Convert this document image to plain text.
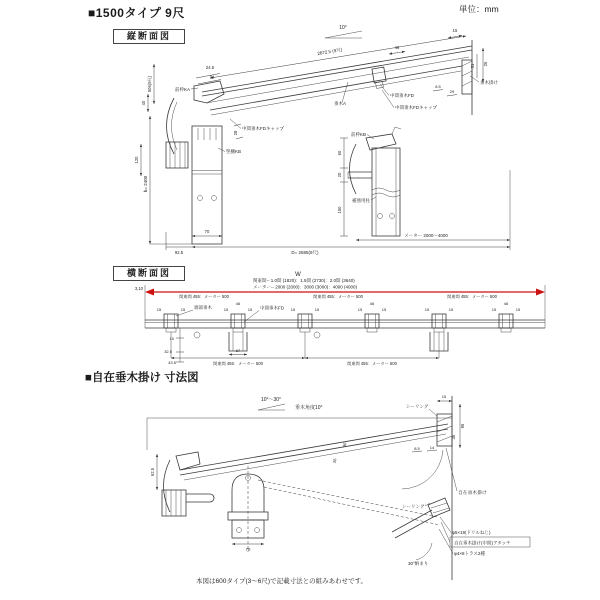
■1500タイプ 9尺	単位：mm
縦断面図
10°
2672.5 (9尺)
24.5
34
前枠KA
竪樋KB
28
中間垂木FDキャップ
506(9尺)
40
120
h= 2400
46
15
中間垂木FD
中間垂木FDキャップ
垂木A
26
31
8.5
29
垂木掛け
前枠KB
60
20
150
補強用柱
メーター 2000〜4000
92.5
70
D= 2685(9尺)
横断面図	W
関東間-- 1.0間 (1820)：1.5間 (2730)：2.0間 (3640)
メーター-- 2000 (2000)：3000 (3000)：4000 (4000)
3,10
15	15	15	15
46
15	15	15	15
46
15	15	15	15
46
端部垂木	中間垂木FD
10
32.5
43.5
67
関東間 455：メーター 500	関東間 455：メーター 500
関東間 455：メーター 500	関東間 455：メーター 500	関東間 455：メーター 500
■自在垂木掛け 寸法図
10°〜30°
垂木角度10°
62.5
70
36
26
シーリング
15
95
36
8.5 14
自在垂木掛け
シーリング
φ5×19(ドリルねじ)
自在垂木掛け(中間)アタッチ
φ4×8トラス2種
30°納まり
本図は600タイプ(3〜6尺)で記載寸法との組みあわせです。
